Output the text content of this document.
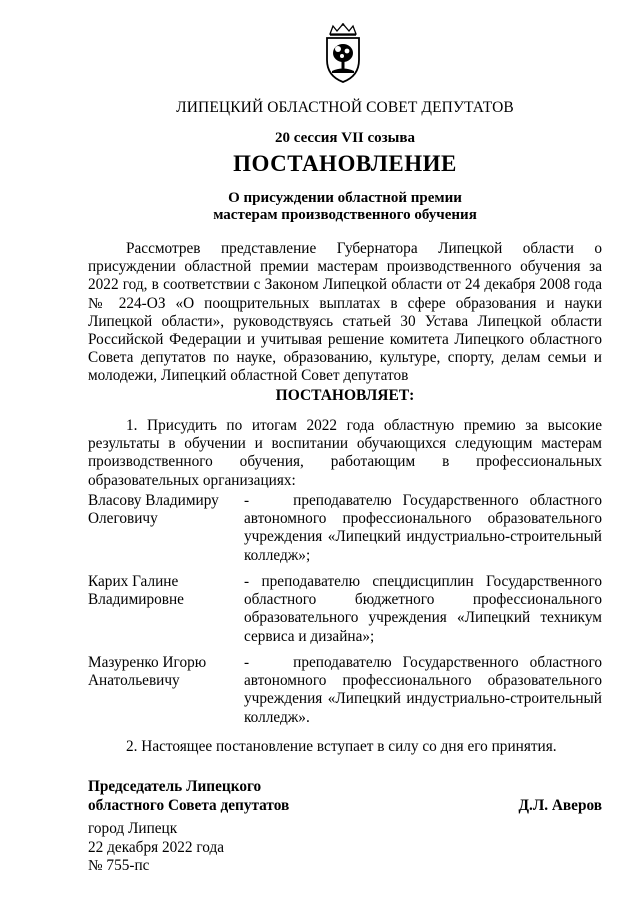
ЛИПЕЦКИЙ ОБЛАСТНОЙ СОВЕТ ДЕПУТАТОВ
20 сессия VII созыва
ПОСТАНОВЛЕНИЕ
О присуждении областной премии
мастерам производственного обучения

Рассмотрев представление Губернатора Липецкой области о присуждении областной премии мастерам производственного обучения за 2022 год, в соответствии с Законом Липецкой области от 24 декабря 2008 года № 224-ОЗ «О поощрительных выплатах в сфере образования и науки Липецкой области», руководствуясь статьей 30 Устава Липецкой области Российской Федерации и учитывая решение комитета Липецкого областного Совета депутатов по науке, образованию, культуре, спорту, делам семьи и молодежи, Липецкий областной Совет депутатов

ПОСТАНОВЛЯЕТ:

1. Присудить по итогам 2022 года областную премию за высокие результаты в обучении и воспитании обучающихся следующим мастерам производственного обучения, работающим в профессиональных образовательных организациях:

Власову Владимиру
Олеговичу
-    преподавателю Государственного областного автономного профессионального образовательного учреждения «Липецкий индустриально-строительный колледж»;
Карих Галине
Владимировне
- преподавателю спецдисциплин Государственного областного бюджетного профессионального образовательного учреждения «Липецкий техникум сервиса и дизайна»;
Мазуренко Игорю
Анатольевичу
-    преподавателю Государственного областного автономного профессионального образовательного учреждения «Липецкий индустриально-строительный колледж».

2. Настоящее постановление вступает в силу со дня его принятия.

Председатель Липецкого
областного Совета депутатов	Д.Л. Аверов
город Липецк
22 декабря 2022 года
№ 755-пс
